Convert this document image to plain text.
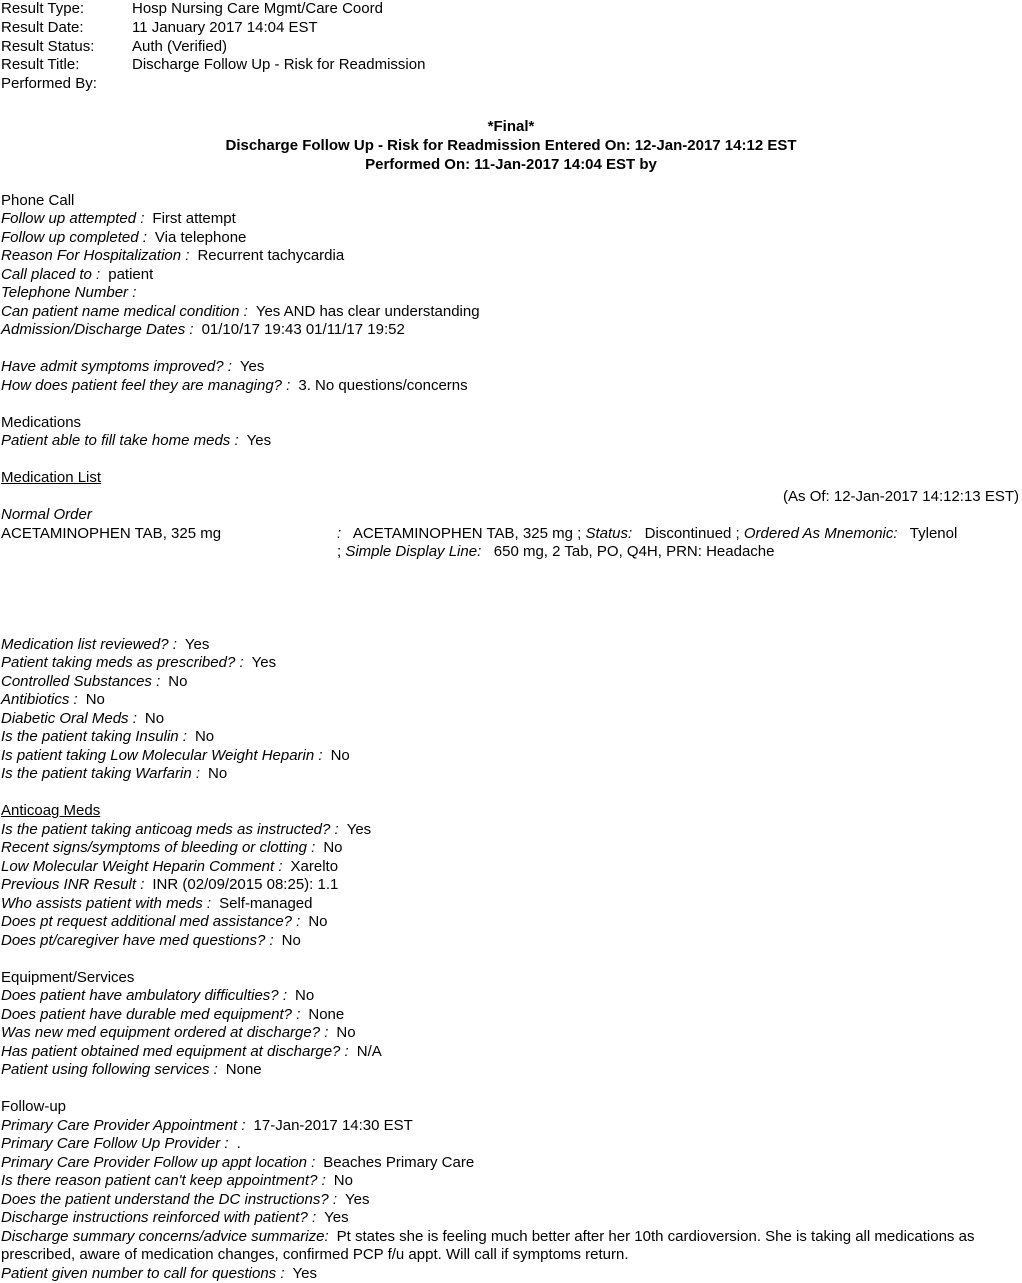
Result Type:	Hosp Nursing Care Mgmt/Care Coord
Result Date:	11 January 2017 14:04 EST
Result Status:	Auth (Verified)
Result Title:	Discharge Follow Up - Risk for Readmission
Performed By:
*Final*
Discharge Follow Up - Risk for Readmission Entered On: 12-Jan-2017 14:12 EST
Performed On: 11-Jan-2017 14:04 EST by
Phone Call
Follow up attempted : First attempt
Follow up completed : Via telephone
Reason For Hospitalization : Recurrent tachycardia
Call placed to : patient
Telephone Number :
Can patient name medical condition : Yes AND has clear understanding
Admission/Discharge Dates : 01/10/17 19:43 01/11/17 19:52
Have admit symptoms improved? : Yes
How does patient feel they are managing? : 3. No questions/concerns
Medications
Patient able to fill take home meds : Yes
Medication List
(As Of: 12-Jan-2017 14:12:13 EST)
Normal Order
ACETAMINOPHEN TAB, 325 mg	: ACETAMINOPHEN TAB, 325 mg ; Status: Discontinued ; Ordered As Mnemonic: Tylenol
; Simple Display Line: 650 mg, 2 Tab, PO, Q4H, PRN: Headache
Medication list reviewed? : Yes
Patient taking meds as prescribed? : Yes
Controlled Substances : No
Antibiotics : No
Diabetic Oral Meds : No
Is the patient taking Insulin : No
Is patient taking Low Molecular Weight Heparin : No
Is the patient taking Warfarin : No
Anticoag Meds
Is the patient taking anticoag meds as instructed? : Yes
Recent signs/symptoms of bleeding or clotting : No
Low Molecular Weight Heparin Comment : Xarelto
Previous INR Result : INR (02/09/2015 08:25): 1.1
Who assists patient with meds : Self-managed
Does pt request additional med assistance? : No
Does pt/caregiver have med questions? : No
Equipment/Services
Does patient have ambulatory difficulties? : No
Does patient have durable med equipment? : None
Was new med equipment ordered at discharge? : No
Has patient obtained med equipment at discharge? : N/A
Patient using following services : None
Follow-up
Primary Care Provider Appointment : 17-Jan-2017 14:30 EST
Primary Care Follow Up Provider : .
Primary Care Provider Follow up appt location : Beaches Primary Care
Is there reason patient can't keep appointment? : No
Does the patient understand the DC instructions? : Yes
Discharge instructions reinforced with patient? : Yes
Discharge summary concerns/advice summarize: Pt states she is feeling much better after her 10th cardioversion. She is taking all medications as prescribed, aware of medication changes, confirmed PCP f/u appt. Will call if symptoms return.
Patient given number to call for questions : Yes
